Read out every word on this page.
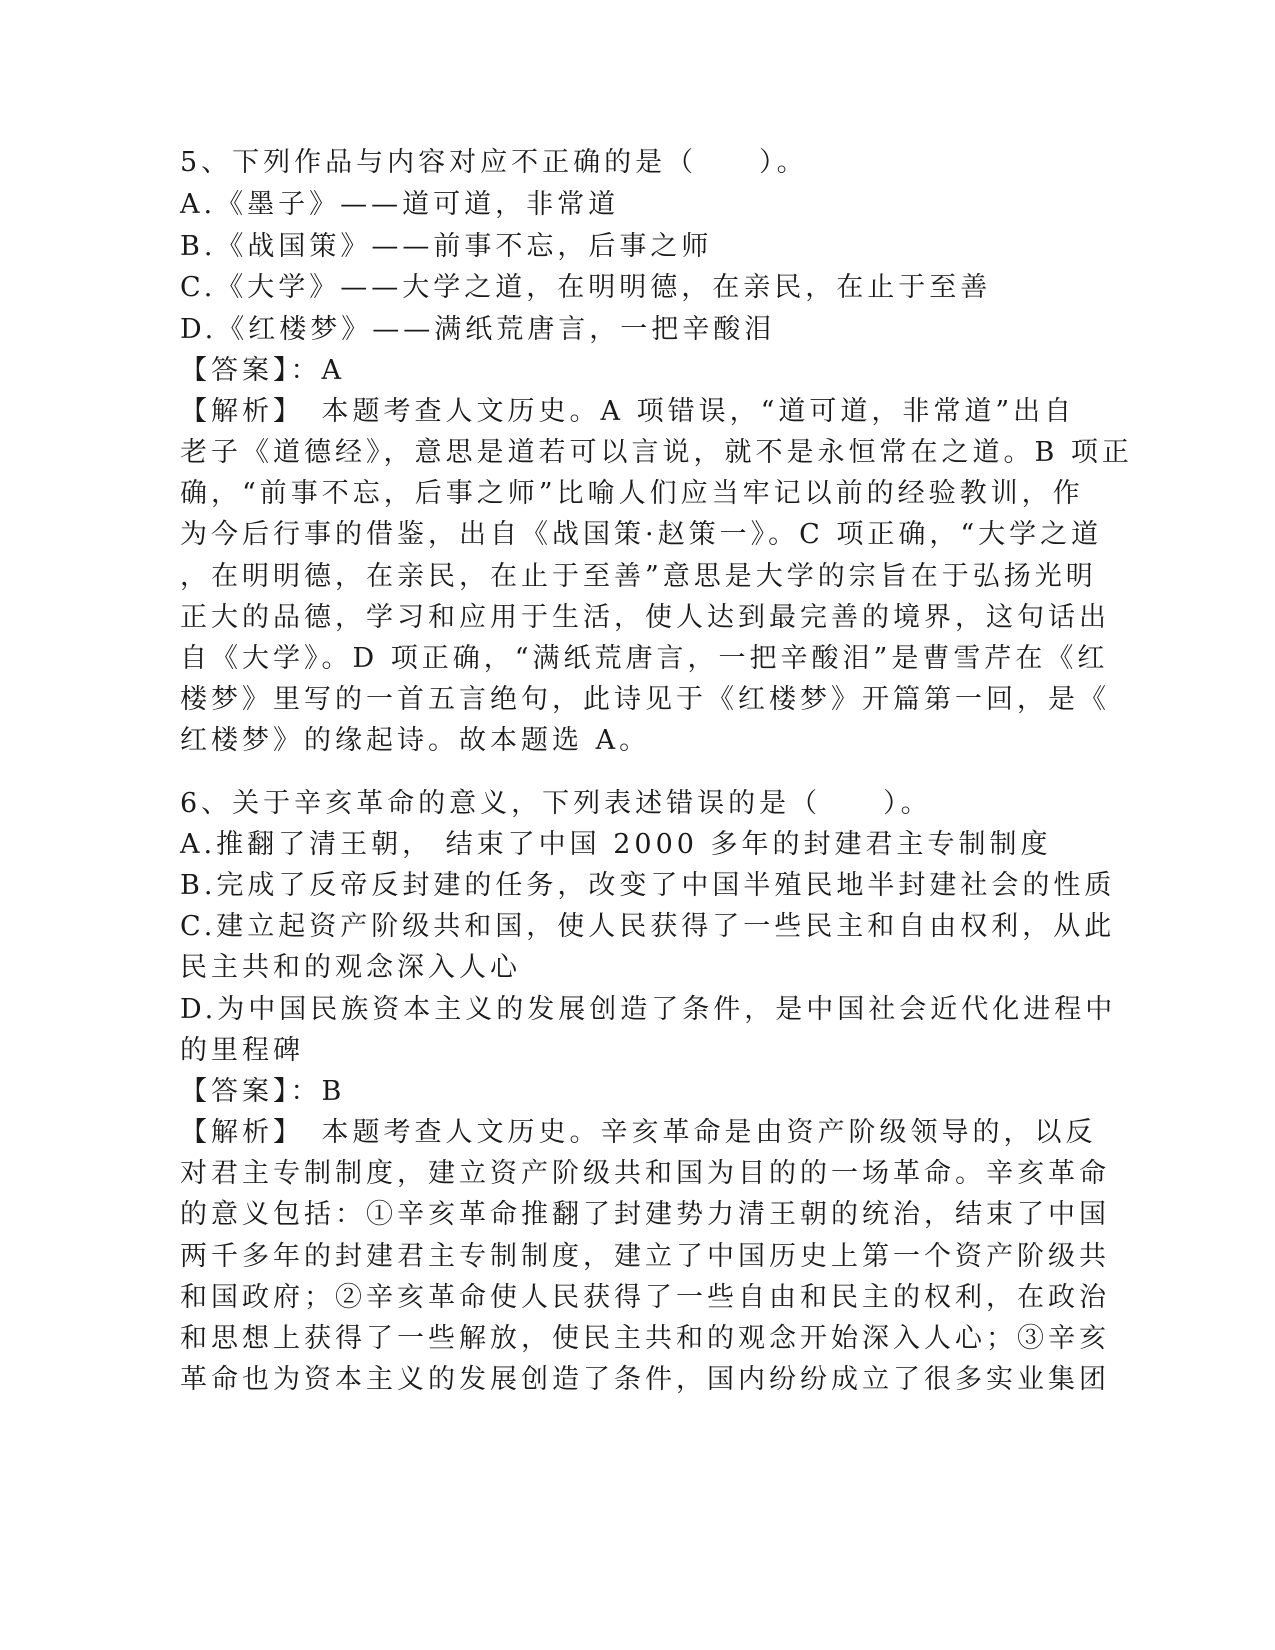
5、下列作品与内容对应不正确的是（　　）。
A.《墨子》——道可道，非常道
B.《战国策》——前事不忘，后事之师
C.《大学》——大学之道，在明明德，在亲民，在止于至善
D.《红楼梦》——满纸荒唐言，一把辛酸泪
【答案】：A
【解析】　本题考查人文历史。A 项错误，“道可道，非常道”出自
老子《道德经》，意思是道若可以言说，就不是永恒常在之道。B 项正
确，“前事不忘，后事之师”比喻人们应当牢记以前的经验教训，作
为今后行事的借鉴，出自《战国策·赵策一》。C 项正确，“大学之道
，在明明德，在亲民，在止于至善”意思是大学的宗旨在于弘扬光明
正大的品德，学习和应用于生活，使人达到最完善的境界，这句话出
自《大学》。D 项正确，“满纸荒唐言，一把辛酸泪”是曹雪芹在《红
楼梦》里写的一首五言绝句，此诗见于《红楼梦》开篇第一回，是《
红楼梦》的缘起诗。故本题选 A。
6、关于辛亥革命的意义，下列表述错误的是（　　）。
A.推翻了清王朝， 结束了中国 2000 多年的封建君主专制制度
B.完成了反帝反封建的任务，改变了中国半殖民地半封建社会的性质
C.建立起资产阶级共和国，使人民获得了一些民主和自由权利，从此
民主共和的观念深入人心
D.为中国民族资本主义的发展创造了条件，是中国社会近代化进程中
的里程碑
【答案】：B
【解析】　本题考查人文历史。辛亥革命是由资产阶级领导的，以反
对君主专制制度，建立资产阶级共和国为目的的一场革命。辛亥革命
的意义包括：①辛亥革命推翻了封建势力清王朝的统治，结束了中国
两千多年的封建君主专制制度，建立了中国历史上第一个资产阶级共
和国政府；②辛亥革命使人民获得了一些自由和民主的权利，在政治
和思想上获得了一些解放，使民主共和的观念开始深入人心；③辛亥
革命也为资本主义的发展创造了条件，国内纷纷成立了很多实业集团
